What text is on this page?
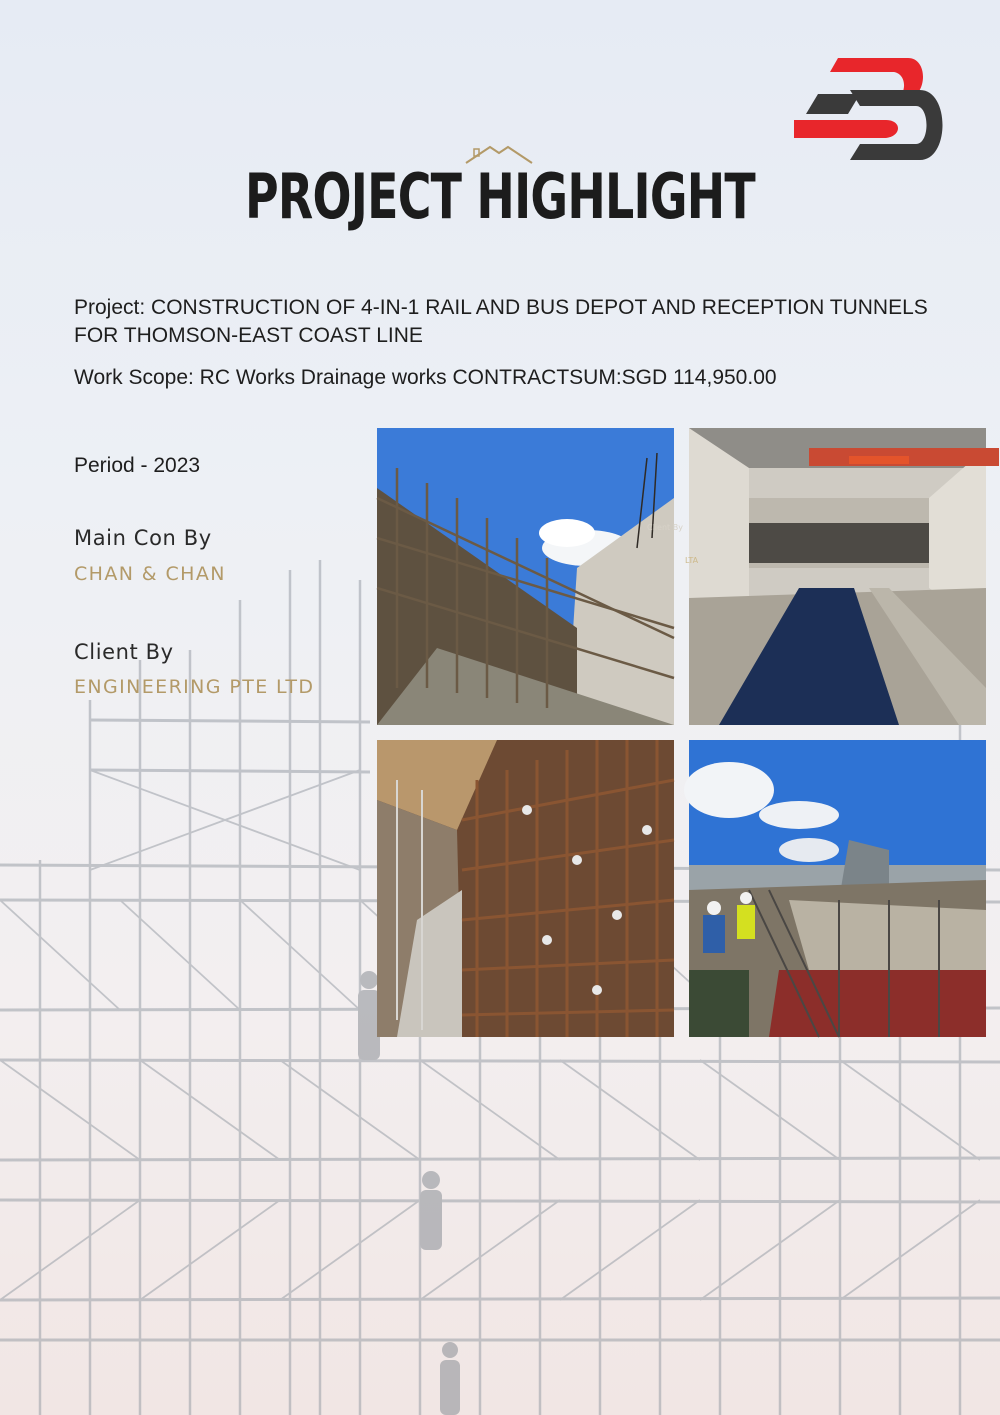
PROJECT HIGHLIGHT

Project: CONSTRUCTION OF 4-IN-1 RAIL AND BUS DEPOT AND RECEPTION TUNNELS FOR THOMSON-EAST COAST LINE

Work Scope: RC Works Drainage works CONTRACTSUM:SGD 114,950.00

Period - 2023

Main Con By

CHAN & CHAN

Client By

ENGINEERING PTE LTD

Client By
LTA
